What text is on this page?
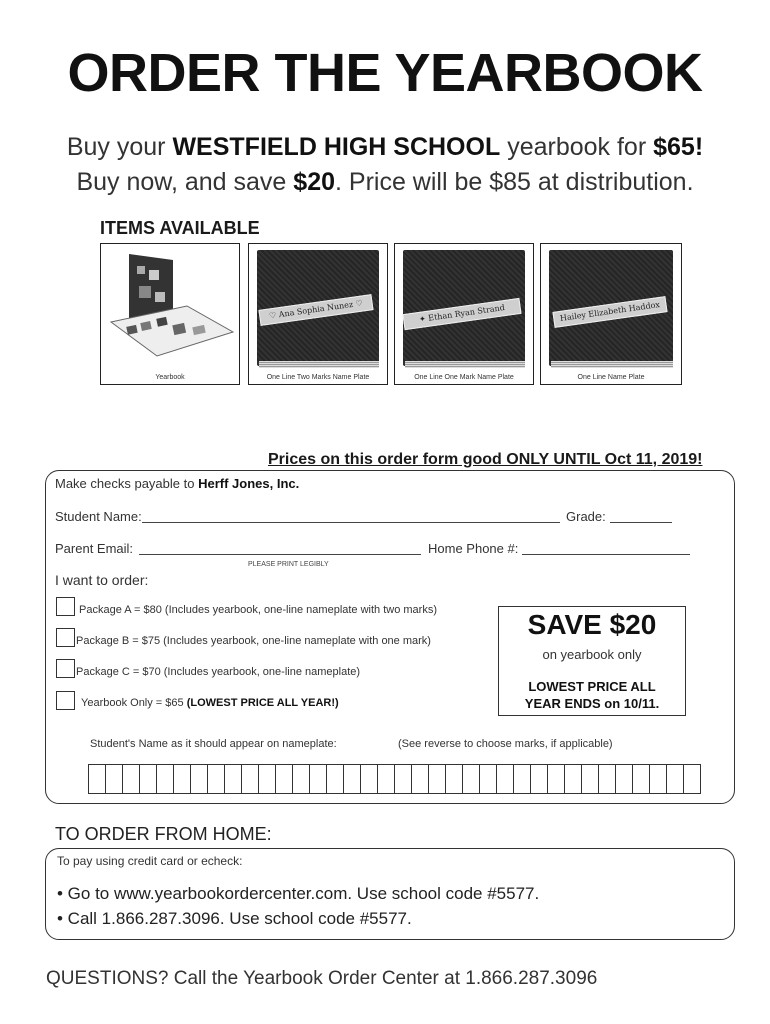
ORDER THE YEARBOOK
Buy your WESTFIELD HIGH SCHOOL yearbook for $65!
Buy now, and save $20. Price will be $85 at distribution.
ITEMS AVAILABLE
Yearbook
♡ Ana Sophia Nunez ♡
One Line Two Marks Name Plate
✦ Ethan Ryan Strand
One Line One Mark Name Plate
Hailey Elizabeth Haddox
One Line Name Plate
Prices on this order form good ONLY UNTIL Oct 11, 2019!
Make checks payable to Herff Jones, Inc.
Student Name:	Grade:
Parent Email:	Home Phone #:
PLEASE PRINT LEGIBLY
I want to order:
Package A = $80 (Includes yearbook, one-line nameplate with two marks)
Package B = $75 (Includes yearbook, one-line nameplate with one mark)
Package C = $70 (Includes yearbook, one-line nameplate)
Yearbook Only = $65 (LOWEST PRICE ALL YEAR!)
SAVE $20
on yearbook only
LOWEST PRICE ALL
YEAR ENDS on 10/11.
Student's Name as it should appear on nameplate:	(See reverse to choose marks, if applicable)
TO ORDER FROM HOME:
To pay using credit card or echeck:
• Go to www.yearbookordercenter.com. Use school code #5577.
• Call 1.866.287.3096. Use school code #5577.
QUESTIONS? Call the Yearbook Order Center at 1.866.287.3096
